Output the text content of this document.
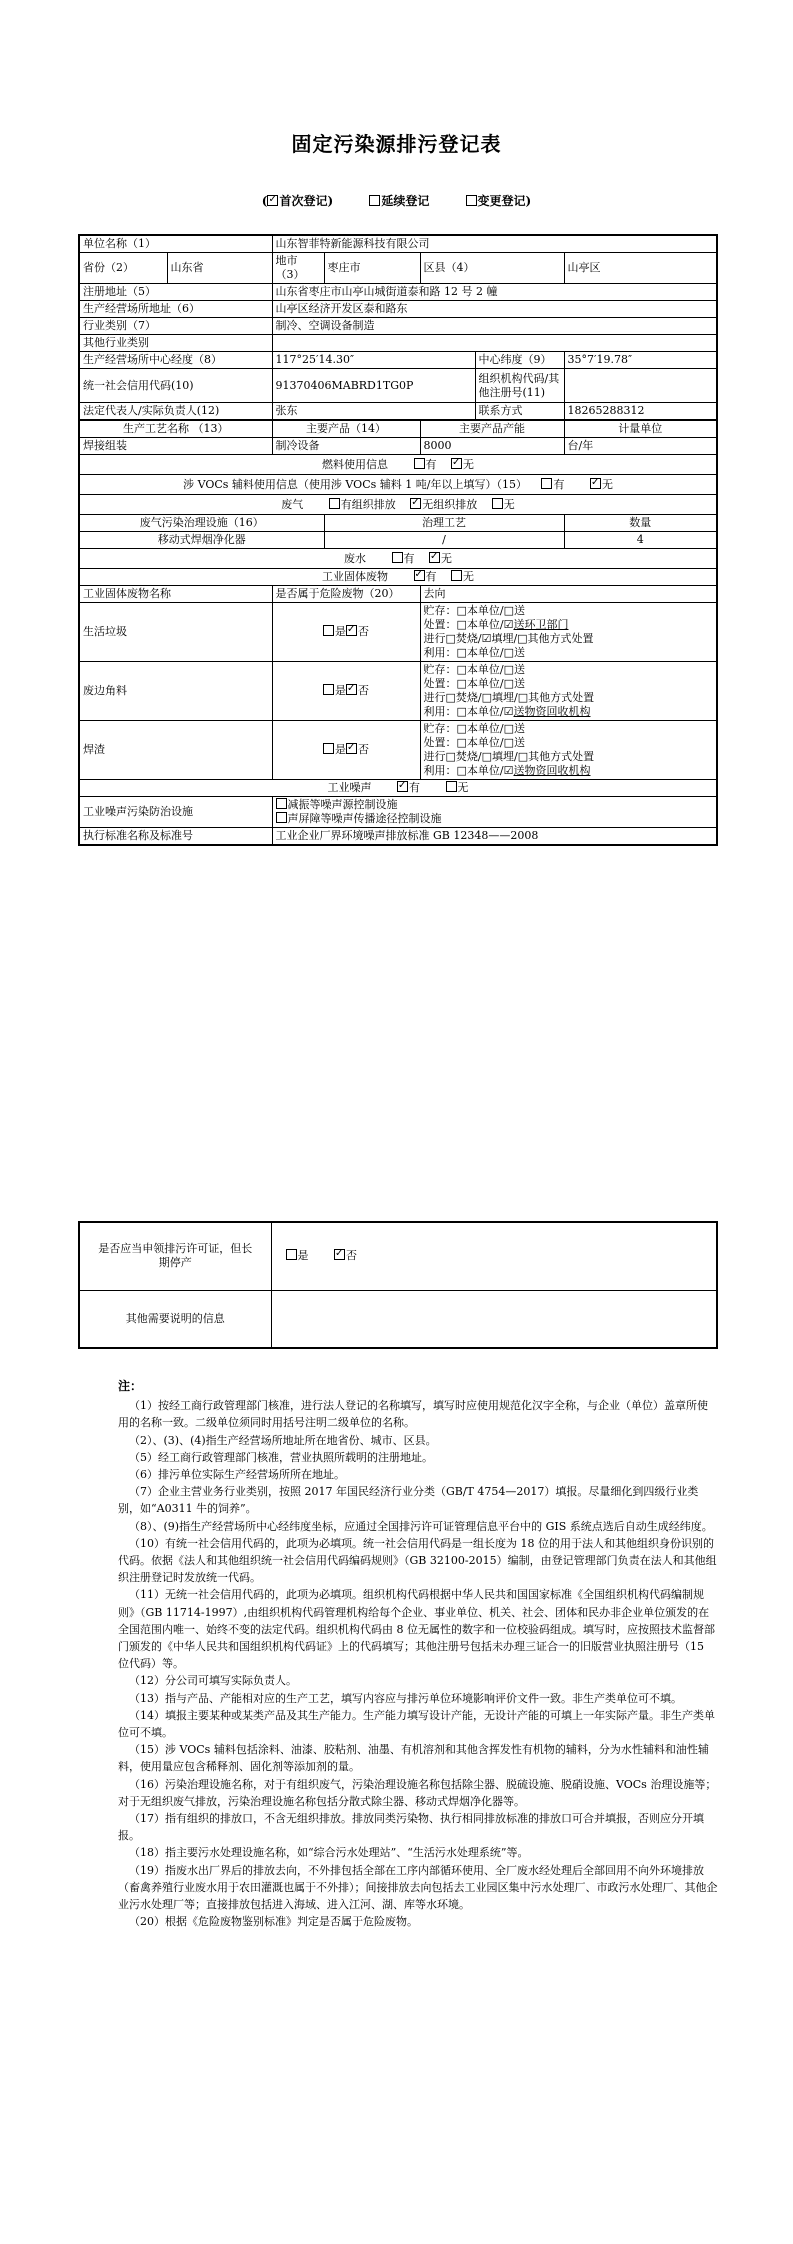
固定污染源排污登记表
( ✓ 首次登记)	延续登记	变更登记)
单位名称（1）		山东智菲特新能源科技有限公司				
省份（2）	山东省	地市（3）	枣庄市	区县（4）		山亭区
注册地址（5）		山东省枣庄市山亭山城街道泰和路 12 号 2 幢				
生产经营场所地址（6）		山亭区经济开发区泰和路东				
行业类别（7）		制冷、空调设备制造				
其他行业类别						
生产经营场所中心经度（8）		117°25′14.30″			中心纬度（9）	35°7′19.78″
统一社会信用代码(10)		91370406MABRD1TG0P			组织机构代码/其他注册号(11)	
法定代表人/实际负责人(12)		张东			联系方式	18265288312
生产工艺名称 （13）		主要产品（14）		主要产品产能		计量单位
焊接组装		制冷设备		8000		台/年
燃料使用信息   有  ✓ 无
涉 VOCs 辅料使用信息（使用涉 VOCs 辅料 1 吨/年以上填写）（15）  有   ✓ 无
废气   有组织排放  ✓ 无组织排放  无
废气污染治理设施（16）			治理工艺			数量
移动式焊烟净化器			/			4
废水   有  ✓ 无
工业固体废物   ✓ 有  无
工业固体废物名称		是否属于危险废物（20）		去向		
生活垃圾		是 ✓ 否		贮存：□本单位/□送
处置：□本单位/☑送环卫部门
进行□焚烧/☑填埋/□其他方式处置
利用：□本单位/□送		

废边角料		是 ✓ 否		贮存：□本单位/□送
处置：□本单位/□送
进行□焚烧/□填埋/□其他方式处置
利用：□本单位/☑送物资回收机构		

焊渣		是 ✓ 否		贮存：□本单位/□送
处置：□本单位/□送
进行□焚烧/□填埋/□其他方式处置
利用：□本单位/☑送物资回收机构		

工业噪声   ✓ 有   无
工业噪声污染防治设施		减振等噪声源控制设施
声屏障等噪声传播途径控制设施				

执行标准名称及标准号		工业企业厂界环境噪声排放标准 GB 12348——2008				
是否应当申领排污许可证，但长期停产	是   ✓ 否
其他需要说明的信息	
注：

（1）按经工商行政管理部门核准，进行法人登记的名称填写，填写时应使用规范化汉字全称，与企业（单位）盖章所使用的名称一致。二级单位须同时用括号注明二级单位的名称。

（2）、(3)、(4)指生产经营场所地址所在地省份、城市、区县。

（5）经工商行政管理部门核准，营业执照所载明的注册地址。

（6）排污单位实际生产经营场所所在地址。

（7）企业主营业务行业类别，按照 2017 年国民经济行业分类（GB/T 4754—2017）填报。尽量细化到四级行业类别，如“A0311 牛的饲养”。

（8）、(9)指生产经营场所中心经纬度坐标，应通过全国排污许可证管理信息平台中的 GIS 系统点选后自动生成经纬度。

（10）有统一社会信用代码的，此项为必填项。统一社会信用代码是一组长度为 18 位的用于法人和其他组织身份识别的代码。依据《法人和其他组织统一社会信用代码编码规则》（GB 32100-2015）编制，由登记管理部门负责在法人和其他组织注册登记时发放统一代码。

（11）无统一社会信用代码的，此项为必填项。组织机构代码根据中华人民共和国国家标准《全国组织机构代码编制规则》（GB 11714-1997）,由组织机构代码管理机构给每个企业、事业单位、机关、社会、团体和民办非企业单位颁发的在全国范围内唯一、始终不变的法定代码。组织机构代码由 8 位无属性的数字和一位校验码组成。填写时，应按照技术监督部门颁发的《中华人民共和国组织机构代码证》上的代码填写；其他注册号包括未办理三证合一的旧版营业执照注册号（15 位代码）等。

（12）分公司可填写实际负责人。

（13）指与产品、产能相对应的生产工艺，填写内容应与排污单位环境影响评价文件一致。非生产类单位可不填。

（14）填报主要某种或某类产品及其生产能力。生产能力填写设计产能，无设计产能的可填上一年实际产量。非生产类单位可不填。

（15）涉 VOCs 辅料包括涂料、油漆、胶粘剂、油墨、有机溶剂和其他含挥发性有机物的辅料，分为水性辅料和油性辅料，使用量应包含稀释剂、固化剂等添加剂的量。

（16）污染治理设施名称，对于有组织废气，污染治理设施名称包括除尘器、脱硫设施、脱硝设施、VOCs 治理设施等；对于无组织废气排放，污染治理设施名称包括分散式除尘器、移动式焊烟净化器等。

（17）指有组织的排放口，不含无组织排放。排放同类污染物、执行相同排放标准的排放口可合并填报，否则应分开填报。

（18）指主要污水处理设施名称，如“综合污水处理站”、“生活污水处理系统”等。

（19）指废水出厂界后的排放去向，不外排包括全部在工序内部循环使用、全厂废水经处理后全部回用不向外环境排放（畜禽养殖行业废水用于农田灌溉也属于不外排）；间接排放去向包括去工业园区集中污水处理厂、市政污水处理厂、其他企业污水处理厂等；直接排放包括进入海域、进入江河、湖、库等水环境。

（20）根据《危险废物鉴别标准》判定是否属于危险废物。
